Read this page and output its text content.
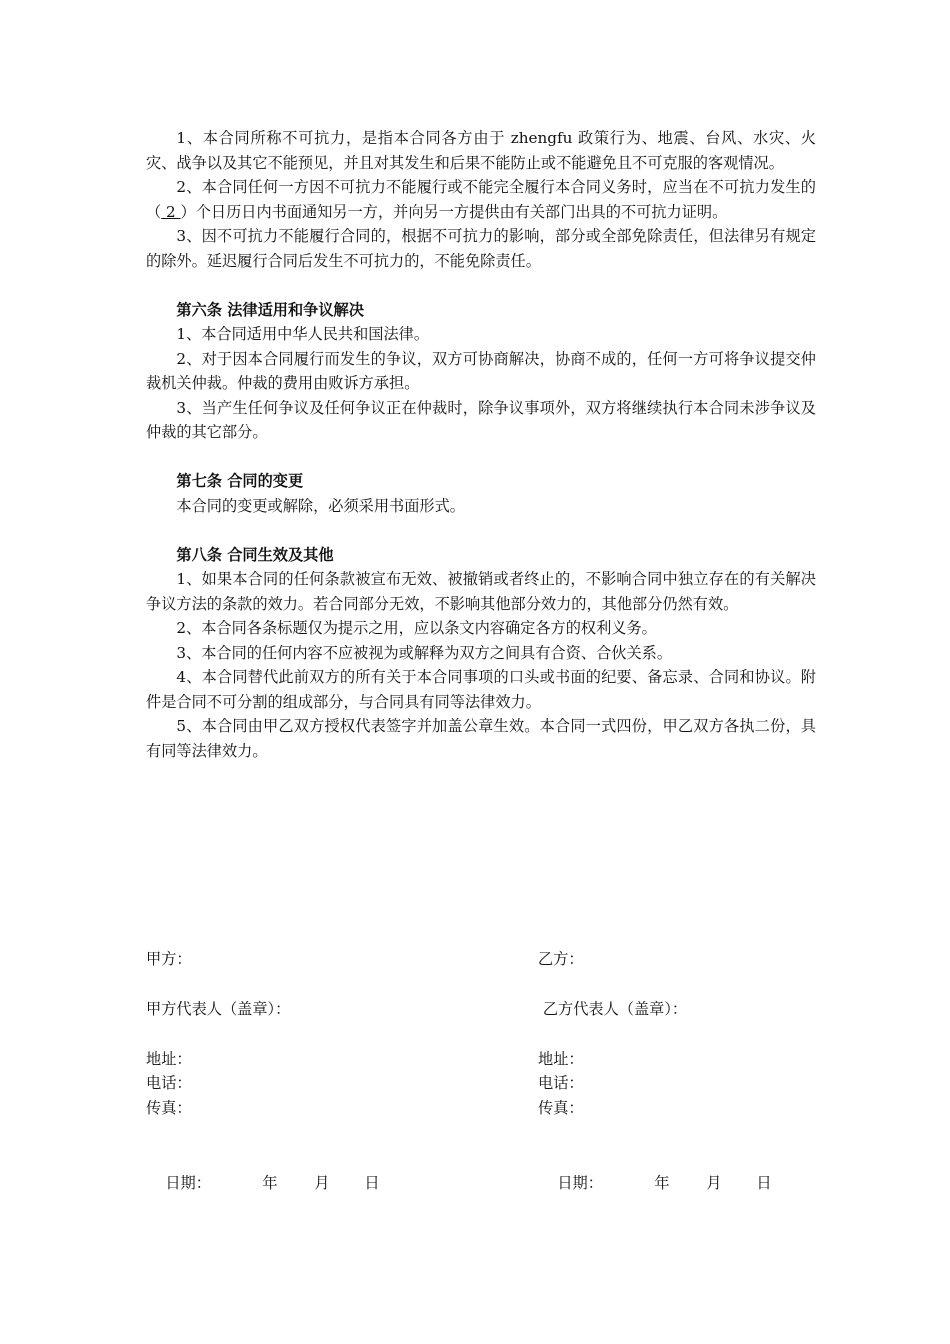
1、本合同所称不可抗力，是指本合同各方由于 zhengfu 政策行为、地震、台风、水灾、火灾、战争以及其它不能预见，并且对其发生和后果不能防止或不能避免且不可克服的客观情况。

2、本合同任何一方因不可抗力不能履行或不能完全履行本合同义务时，应当在不可抗力发生的（ 2 ）个日历日内书面通知另一方，并向另一方提供由有关部门出具的不可抗力证明。

3、因不可抗力不能履行合同的，根据不可抗力的影响，部分或全部免除责任，但法律另有规定的除外。延迟履行合同后发生不可抗力的，不能免除责任。

第六条 法律适用和争议解决

1、本合同适用中华人民共和国法律。

2、对于因本合同履行而发生的争议，双方可协商解决，协商不成的，任何一方可将争议提交仲裁机关仲裁。仲裁的费用由败诉方承担。

3、当产生任何争议及任何争议正在仲裁时，除争议事项外，双方将继续执行本合同未涉争议及仲裁的其它部分。

第七条 合同的变更

本合同的变更或解除，必须采用书面形式。

第八条 合同生效及其他

1、如果本合同的任何条款被宣布无效、被撤销或者终止的，不影响合同中独立存在的有关解决争议方法的条款的效力。若合同部分无效，不影响其他部分效力的，其他部分仍然有效。

2、本合同各条标题仅为提示之用，应以条文内容确定各方的权利义务。

3、本合同的任何内容不应被视为或解释为双方之间具有合资、合伙关系。

4、本合同替代此前双方的所有关于本合同事项的口头或书面的纪要、备忘录、合同和协议。附件是合同不可分割的组成部分，与合同具有同等法律效力。

5、本合同由甲乙双方授权代表签字并加盖公章生效。本合同一式四份，甲乙双方各执二份，具有同等法律效力。

甲方：
甲方代表人（盖章）：
地址：
电话：
传真：

日期：	年 月 日

乙方：
乙方代表人（盖章）：
地址：
电话：
传真：

日期：	年 月 日
